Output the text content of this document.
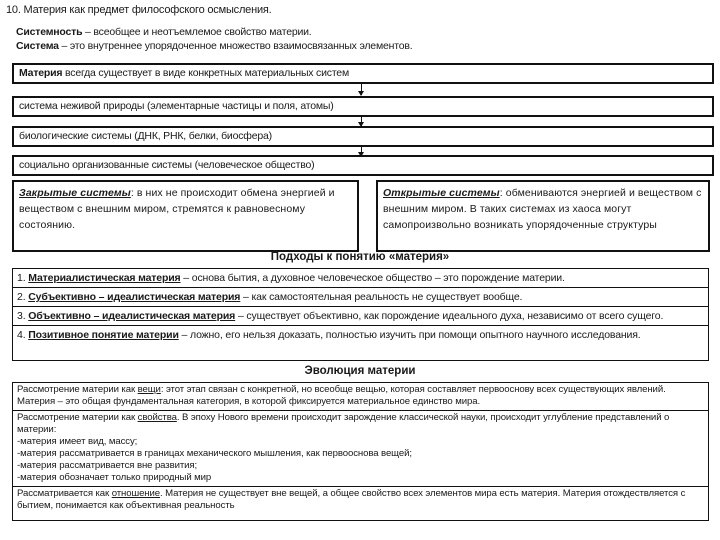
10. Материя как предмет философского осмысления.
Системность – всеобщее и неотъемлемое свойство материи.
Система – это внутреннее упорядоченное множество взаимосвязанных элементов.
Материя всегда существует в виде конкретных материальных систем
система неживой природы (элементарные частицы и поля, атомы)
биологические системы (ДНК, РНК, белки, биосфера)
социально организованные системы (человеческое общество)
Закрытые системы: в них не происходит обмена энергией и веществом с внешним миром, стремятся к равновесному состоянию.
Открытые системы: обмениваются энергией и веществом с внешним миром. В таких системах из хаоса могут самопроизвольно возникать упорядоченные структуры
Подходы к понятию «материя»
1. Материалистическая материя – основа бытия, а духовное человеческое общество – это порождение материи.
2. Субъективно – идеалистическая материя – как самостоятельная реальность не существует вообще.
3. Объективно – идеалистическая материя – существует объективно, как порождение идеального духа, независимо от всего сущего.
4. Позитивное понятие материи – ложно, его нельзя доказать, полностью изучить при помощи опытного научного исследования.
Эволюция материи
Рассмотрение материи как вещи: этот этап связан с конкретной, но всеобще вещью, которая составляет первооснову всех существующих явлений.
Материя – это общая фундаментальная категория, в которой фиксируется материальное единство мира.
Рассмотрение материи как свойства. В эпоху Нового времени происходит зарождение классической науки, происходит углубление представлений о материи:
-материя имеет вид, массу;
-материя рассматривается в границах механического мышления, как первооснова вещей;
-материя рассматривается вне развития;
-материя обозначает только природный мир
Рассматривается как отношение. Материя не существует вне вещей, а общее свойство всех элементов мира есть материя. Материя отождествляется с бытием, понимается как объективная реальность
